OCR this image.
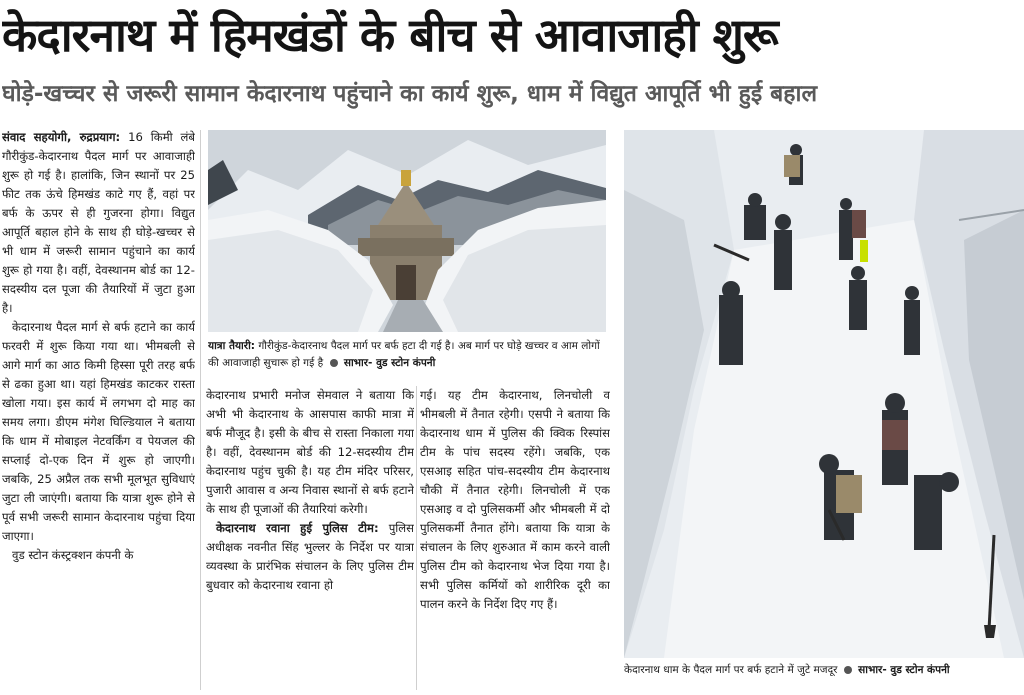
केदारनाथ में हिमखंडों के बीच से आवाजाही शुरू
घोड़े-खच्चर से जरूरी सामान केदारनाथ पहुंचाने का कार्य शुरू, धाम में विद्युत आपूर्ति भी हुई बहाल

संवाद सहयोगी, रुद्रप्रयाग: 16 किमी लंबे गौरीकुंड-केदारनाथ पैदल मार्ग पर आवाजाही शुरू हो गई है। हालांकि, जिन स्थानों पर 25 फीट तक ऊंचे हिमखंड काटे गए हैं, वहां पर बर्फ के ऊपर से ही गुजरना होगा। विद्युत आपूर्ति बहाल होने के साथ ही घोड़े-खच्चर से भी धाम में जरूरी सामान पहुंचाने का कार्य शुरू हो गया है। वहीं, देवस्थानम बोर्ड का 12-सदस्यीय दल पूजा की तैयारियों में जुटा हुआ है।

केदारनाथ पैदल मार्ग से बर्फ हटाने का कार्य फरवरी में शुरू किया गया था। भीमबली से आगे मार्ग का आठ किमी हिस्सा पूरी तरह बर्फ से ढका हुआ था। यहां हिमखंड काटकर रास्ता खोला गया। इस कार्य में लगभग दो माह का समय लगा। डीएम मंगेश घिल्डियाल ने बताया कि धाम में मोबाइल नेटवर्किंग व पेयजल की सप्लाई दो-एक दिन में शुरू हो जाएगी। जबकि, 25 अप्रैल तक सभी मूलभूत सुविधाएं जुटा ली जाएंगी। बताया कि यात्रा शुरू होने से पूर्व सभी जरूरी सामान केदारनाथ पहुंचा दिया जाएगा।

वुड स्टोन कंस्ट्रक्शन कंपनी के

यात्रा तैयारी: गौरीकुंड-केदारनाथ पैदल मार्ग पर बर्फ हटा दी गई है। अब मार्ग पर घोड़े खच्चर व आम लोगों की आवाजाही सुचारू हो गई है साभार- वुड स्टोन कंपनी

केदारनाथ प्रभारी मनोज सेमवाल ने बताया कि अभी भी केदारनाथ के आसपास काफी मात्रा में बर्फ मौजूद है। इसी के बीच से रास्ता निकाला गया है। वहीं, देवस्थानम बोर्ड की 12-सदस्यीय टीम केदारनाथ पहुंच चुकी है। यह टीम मंदिर परिसर, पुजारी आवास व अन्य निवास स्थानों से बर्फ हटाने के साथ ही पूजाओं की तैयारियां करेगी।

केदारनाथ रवाना हुई पुलिस टीम: पुलिस अधीक्षक नवनीत सिंह भुल्लर के निर्देश पर यात्रा व्यवस्था के प्रारंभिक संचालन के लिए पुलिस टीम बुधवार को केदारनाथ रवाना हो

गई। यह टीम केदारनाथ, लिनचोली व भीमबली में तैनात रहेगी। एसपी ने बताया कि केदारनाथ धाम में पुलिस की क्विक रिस्पांस टीम के पांच सदस्य रहेंगे। जबकि, एक एसआइ सहित पांच-सदस्यीय टीम केदारनाथ चौकी में तैनात रहेगी। लिनचोली में एक एसआइ व दो पुलिसकर्मी और भीमबली में दो पुलिसकर्मी तैनात होंगे। बताया कि यात्रा के संचालन के लिए शुरुआत में काम करने वाली पुलिस टीम को केदारनाथ भेज दिया गया है। सभी पुलिस कर्मियों को शारीरिक दूरी का पालन करने के निर्देश दिए गए हैं।

केदारनाथ धाम के पैदल मार्ग पर बर्फ हटाने में जुटे मजदूर साभार- वुड स्टोन कंपनी
